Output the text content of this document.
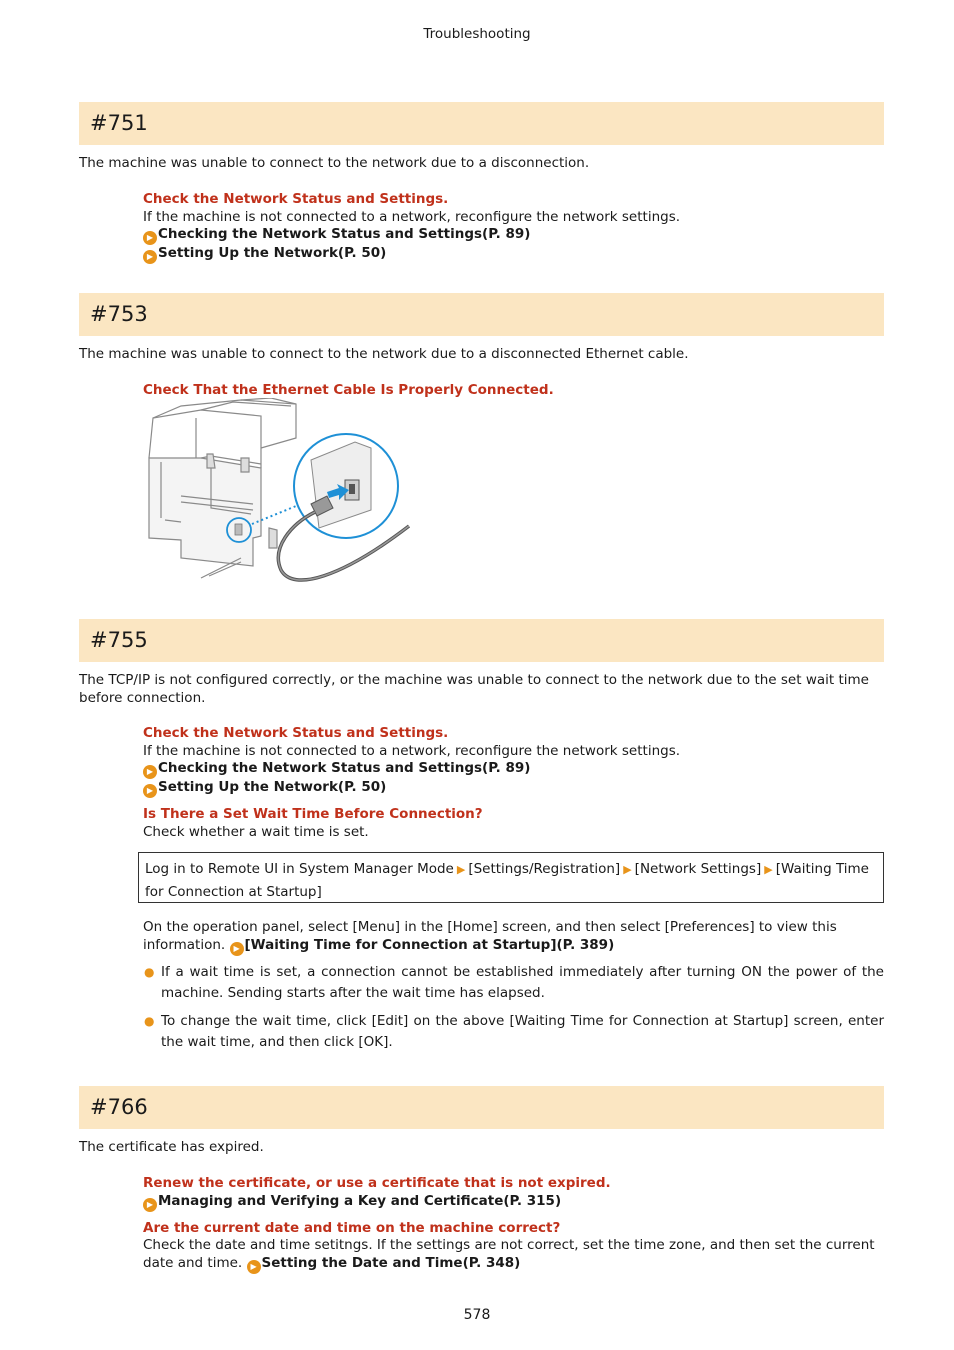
Troubleshooting
#751
The machine was unable to connect to the network due to a disconnection.
Check the Network Status and Settings.
If the machine is not connected to a network, reconfigure the network settings.
▶ Checking the Network Status and Settings(P. 89)
▶ Setting Up the Network(P. 50)
#753
The machine was unable to connect to the network due to a disconnected Ethernet cable.
Check That the Ethernet Cable Is Properly Connected.
#755
The TCP/IP is not configured correctly, or the machine was unable to connect to the network due to the set wait time before connection.
Check the Network Status and Settings.
If the machine is not connected to a network, reconfigure the network settings.
▶ Checking the Network Status and Settings(P. 89)
▶ Setting Up the Network(P. 50)
Is There a Set Wait Time Before Connection?
Check whether a wait time is set.
Log in to Remote UI in System Manager Mode ▶ [Settings/Registration] ▶ [Network Settings] ▶ [Waiting Time for Connection at Startup]
On the operation panel, select [Menu] in the [Home] screen, and then select [Preferences] to view this information. ▶ [Waiting Time for Connection at Startup](P. 389)
● If a wait time is set, a connection cannot be established immediately after turning ON the power of the machine. Sending starts after the wait time has elapsed.
● To change the wait time, click [Edit] on the above [Waiting Time for Connection at Startup] screen, enter the wait time, and then click [OK].
#766
The certificate has expired.
Renew the certificate, or use a certificate that is not expired.
▶ Managing and Verifying a Key and Certificate(P. 315)
Are the current date and time on the machine correct?
Check the date and time setitngs. If the settings are not correct, set the time zone, and then set the current date and time. ▶ Setting the Date and Time(P. 348)
578
